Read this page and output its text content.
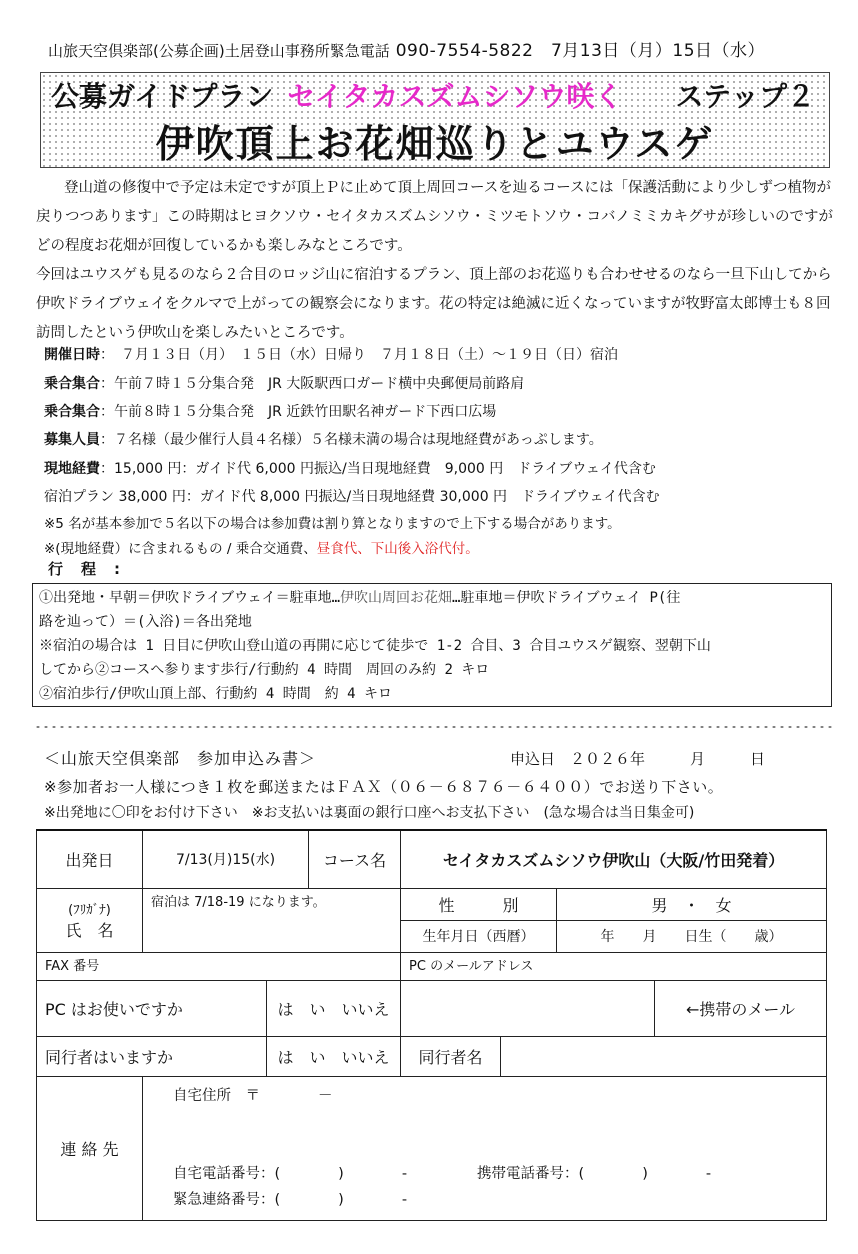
山旅天空倶楽部(公募企画)土居登山事務所緊急電話 090-7554-5822　7月13日（月）15日（水）
公募ガイドプラン セイタカスズムシソウ咲く ステップ２
伊吹頂上お花畑巡りとユウスゲ

登山道の修復中で予定は未定ですが頂上Ｐに止めて頂上周回コースを辿るコースには「保護活動により少しずつ植物が戻りつつあります」この時期はヒヨクソウ・セイタカスズムシソウ・ミツモトソウ・コバノミミカキグサが珍しいのですがどの程度お花畑が回復しているかも楽しみなところです。

今回はユウスゲも見るのなら２合目のロッジ山に宿泊するプラン、頂上部のお花巡りも合わせせるのなら一旦下山してから伊吹ドライブウェイをクルマで上がっての観察会になります。花の特定は絶滅に近くなっていますが牧野富太郎博士も８回訪問したという伊吹山を楽しみたいところです。

開催日時：　７月１３日（月）　１５日（水）日帰り　７月１８日（土）～１９日（日）宿泊
乗合集合：午前７時１５分集合発　JR 大阪駅西口ガード横中央郵便局前路肩
乗合集合：午前８時１５分集合発　JR 近鉄竹田駅名神ガード下西口広場
募集人員：７名様（最少催行人員４名様）５名様未満の場合は現地経費があっぷします。
現地経費：15,000 円：ガイド代 6,000 円振込/当日現地経費　9,000 円　ドライブウェイ代含む
宿泊プラン 38,000 円：ガイド代 8,000 円振込/当日現地経費 30,000 円　ドライブウェイ代含む
※5 名が基本参加で５名以下の場合は参加費は割り算となりますので上下する場合があります。
※(現地経費）に含まれるもの / 乗合交通費、昼食代、下山後入浴代付。
行程:
①出発地・早朝＝伊吹ドライブウェイ＝駐車地…伊吹山周回お花畑…駐車地＝伊吹ドライブウェイ P(往
路を辿って）＝(入浴)＝各出発地
※宿泊の場合は 1 日目に伊吹山登山道の再開に応じて徒歩で 1-2 合目、3 合目ユウスゲ観察、翌朝下山
してから②コースへ参ります歩行/行動約 4 時間　周回のみ約 2 キロ
②宿泊歩行/伊吹山頂上部、行動約 4 時間　約 4 キロ
＜山旅天空倶楽部　参加申込み書＞	申込日　２０２６年　　　月　　　日
※参加者お一人様につき１枚を郵送またはＦＡＸ（０６－６８７６－６４００）でお送り下さい。
※出発地に〇印をお付け下さい　※お支払いは裏面の銀行口座へお支払下さい　(急な場合は当日集金可)
出発日	7/13(月)15(水)		コース名	セイタカスズムシソウ伊吹山（大阪/竹田発着）			

(ﾌﾘｶﾞﾅ)
氏　名	宿泊は 7/18-19 になります。			性　　　別		男　・　女	
				生年月日（西暦）		年　　月　　日生（　　歳）	
FAX 番号				PC のメールアドレス			
PC はお使いですか		は　い　いいえ					←携帯のメール
同行者はいますか		は　い　いいえ		同行者名			
連 絡 先	自宅住所　〒　　　　－
自宅電話番号：(　　　　)　　　　- 携帯電話番号：(　　　　)　　　　-
緊急連絡番号：(　　　　)　　　　-						
